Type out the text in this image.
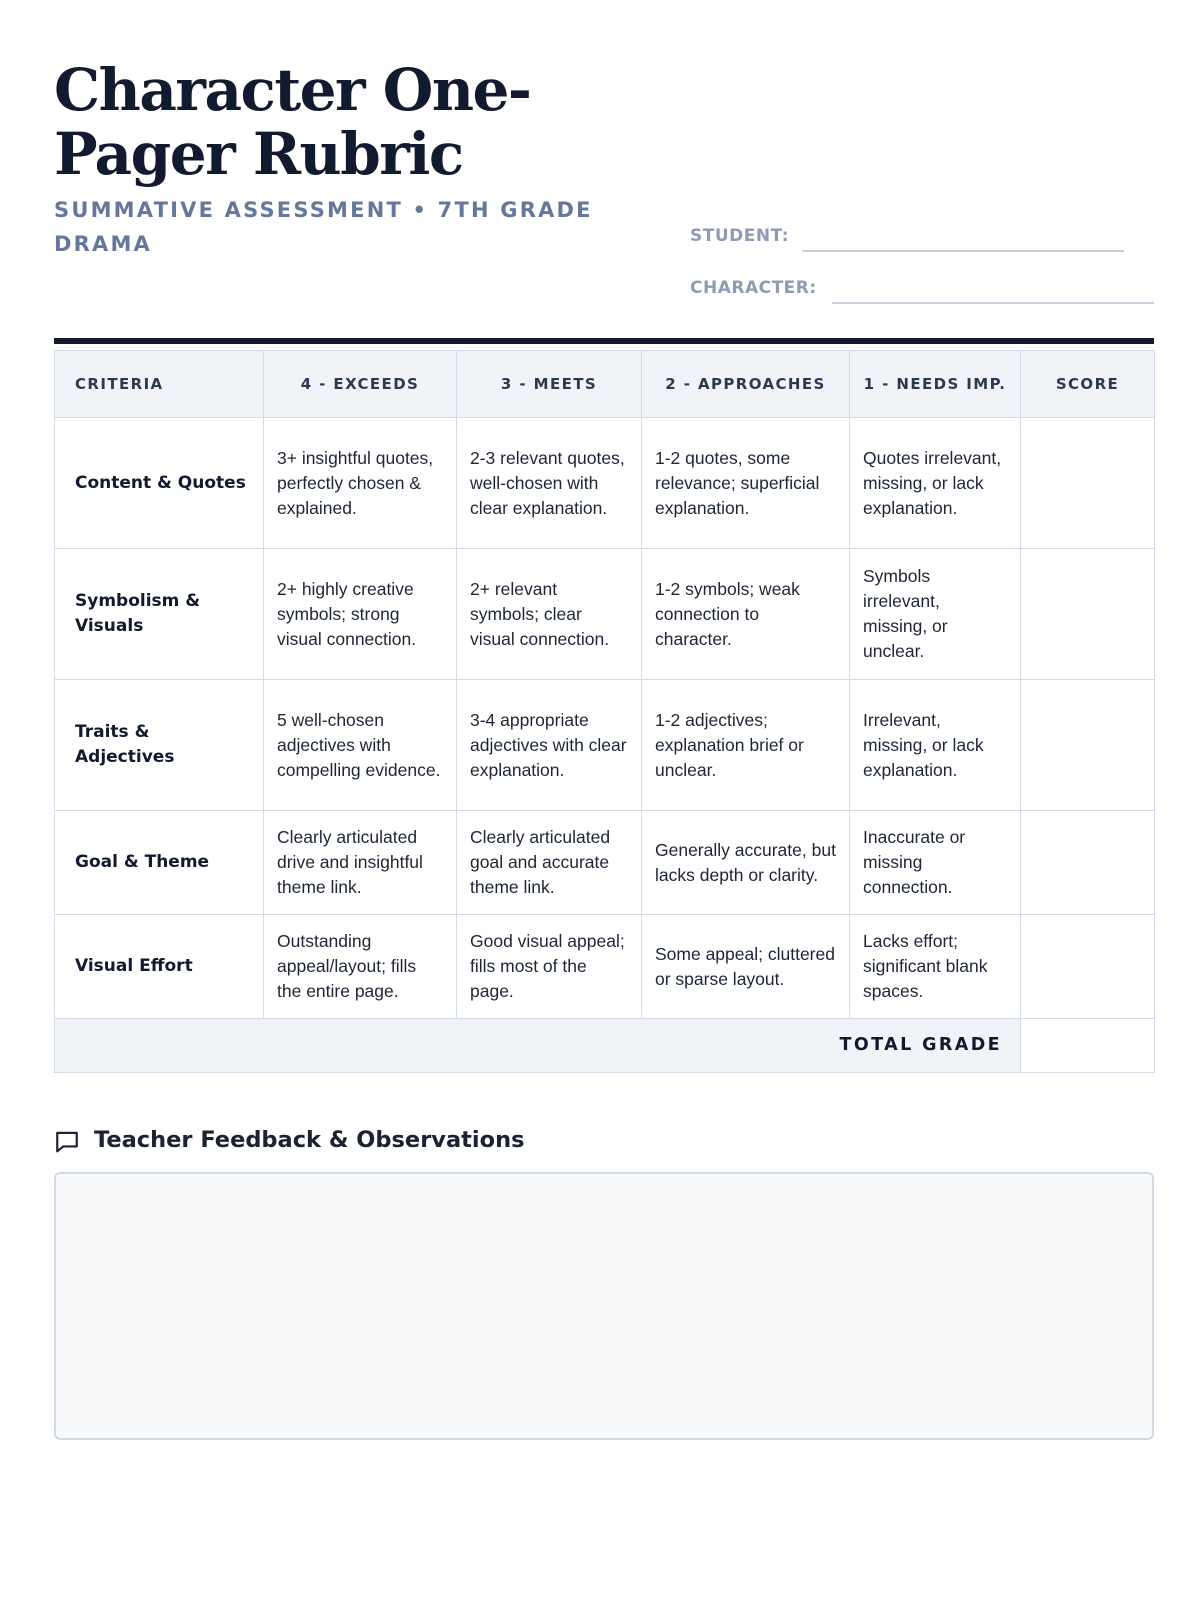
Character One-Pager Rubric

SUMMATIVE ASSESSMENT • 7TH GRADE DRAMA	STUDENT:
CHARACTER:
CRITERIA	4 - EXCEEDS	3 - MEETS	2 - APPROACHES	1 - NEEDS IMP.	SCORE
Content & Quotes	3+ insightful quotes, perfectly chosen & explained.	2-3 relevant quotes, well-chosen with clear explanation.	1-2 quotes, some relevance; superficial explanation.	Quotes irrelevant, missing, or lack explanation.	
Symbolism & Visuals	2+ highly creative symbols; strong visual connection.	2+ relevant symbols; clear visual connection.	1-2 symbols; weak connection to character.	Symbols irrelevant, missing, or unclear.	
Traits & Adjectives	5 well-chosen adjectives with compelling evidence.	3-4 appropriate adjectives with clear explanation.	1-2 adjectives; explanation brief or unclear.	Irrelevant, missing, or lack explanation.	
Goal & Theme	Clearly articulated drive and insightful theme link.	Clearly articulated goal and accurate theme link.	Generally accurate, but lacks depth or clarity.	Inaccurate or missing connection.	
Visual Effort	Outstanding appeal/layout; fills the entire page.	Good visual appeal; fills most of the page.	Some appeal; cluttered or sparse layout.	Lacks effort; significant blank spaces.	
TOTAL GRADE					
Teacher Feedback & Observations
